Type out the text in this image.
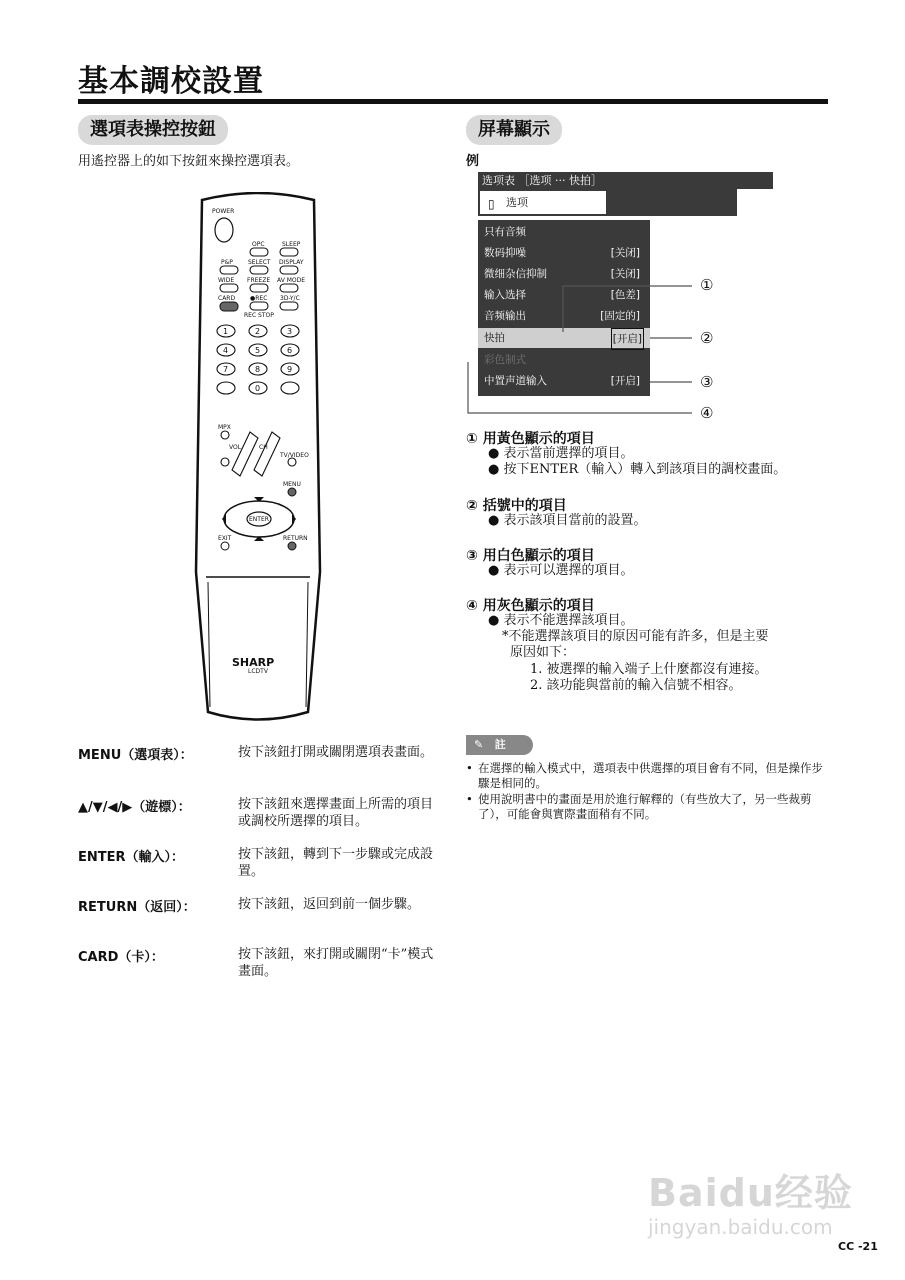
基本調校設置
選項表操控按鈕
用遙控器上的如下按鈕來操控選項表。
POWER
OPC	SLEEP
P&P	SELECT DISPLAY
WIDE FREEZE AV MODE
CARD ●REC 3D-Y/C
REC STOP
1	2	3
4	5	6
7	8	9
0
MPX
VOL	CH
TV/VIDEO
MENU
ENTER
EXIT	RETURN
SHARP
LCDTV
MENU（選項表）：	按下該鈕打開或關閉選項表畫面。
▲/▼/◀/▶（遊標）：	按下該鈕來選擇畫面上所需的項目或調校所選擇的項目。
ENTER（輸入）：	按下該鈕，轉到下一步驟或完成設置。
RETURN（返回）：	按下該鈕，返回到前一個步驟。
CARD（卡）：	按下該鈕，來打開或關閉“卡”模式畫面。
屏幕顯示
例
选项表 ［选项 ··· 快拍］
▯ 选项
只有音频
数码抑噪	[关闭]
微细杂信抑制	[关闭]
输入选择	[色差]
音频输出	[固定的]
快拍	[开启]
彩色制式
中置声道输入	[开启]
①
②
③
④
① 用黃色顯示的項目
● 表示當前選擇的項目。
● 按下ENTER（輸入）轉入到該項目的調校畫面。
② 括號中的項目
● 表示該項目當前的設置。
③ 用白色顯示的項目
● 表示可以選擇的項目。
④ 用灰色顯示的項目
● 表示不能選擇該項目。
*不能選擇該項目的原因可能有許多，但是主要
原因如下：
1. 被選擇的輸入端子上什麼都沒有連接。
2. 該功能與當前的輸入信號不相容。
✎ 註
• 在選擇的輸入模式中，選項表中供選擇的項目會有不同，但是操作步驟是相同的。
• 使用說明書中的畫面是用於進行解釋的（有些放大了，另一些裁剪了），可能會與實際畫面稍有不同。
Baidu经验
jingyan.baidu.com
CC -21
